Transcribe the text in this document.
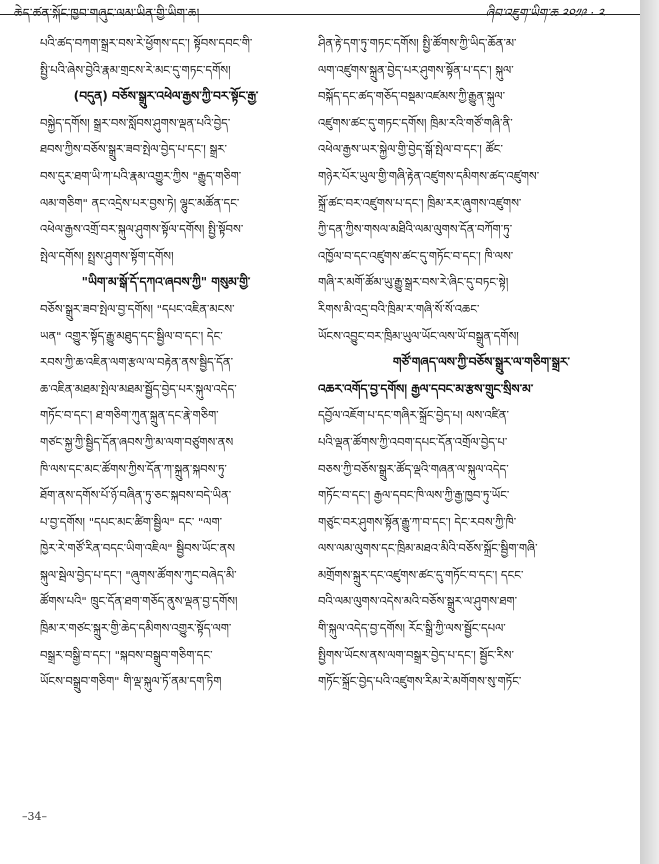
ཆེད་ཚན་སྐོང་ཁྱབ་གཞུང་ལམ་ཡིན་གྱི་ཡིག་ཆ།	ཞིབ་འཇུག་ཡིག་ཆ ༢༠༡༩ · ༢

པའི་ཚད་བཀག་སྒྲར་བས་རེ་ཕྱོགས་དང་། སྟོབས་དབང་གི་

སྤྱི་པའི་ཞེས་བྱེའི་རྣམ་གྲངས་རེ་མང་དུ་གཏང་དགོས།

(བདུན) བཅོས་སྒྲུར་འཕེལ་རྒྱས་ཀྱི་བར་སྟོང་རྒྱ་

བསྐྱེད་དགོས། སྒྲར་བས་སློབས་ཤུགས་ལྡན་པའི་བྱེད་

ཐབས་ཀྱིས་བཅོས་སྒྲུར་ཟབ་སྤེལ་བྱེད་པ་དང་། སྒྲར་

བས་དུར་ཐག་ཡི་ཀ་པའི་རྣམ་འགྱུར་ཀྱིས "རྒྱུད་གཅིག་

ལམ་གཅིག" ནང་འདྲེས་པར་བྱས་ཏེ། ལྷུང་མཚོན་དང་

འཕེལ་རྒྱས་འགྲོ་བར་སྐུལ་ཤུགས་སྟོལ་དགོས། སྤྱི་སྟོབས་

སྤེལ་དགོས། སྤྲས་ཤུགས་སྟོག་དགོས།

"ཡིག་མ་སྒོ་དོ་དཀའ་ཞབས་ཀྱི" གསུམ་གྱི་

བཅོས་སྒྲུར་ཟབ་སྤེལ་བྱ་དགོས། "དཔང་འཇིན་མངས་

ཡན" འགྱུར་སྟོད་རྒྱུ་མཐུད་དང་སྦྱིལ་བ་དང་། དེང་

རབས་ཀྱི་ཆ་འཇིན་ལག་རྩལ་ལ་བརྟེན་ནས་སྦྱིད་དོན་

ཆ་འཇིན་མཐམ་སྤེལ་མཐམ་སྦྱོད་བྱེད་པར་སྐུལ་འདེད་

གཏོང་བ་དང་། ཐ་གཅིག་ཀུན་སྐྲུན་དང་རྣེ་གཅིག་

གཙང་སྐྱ་ཀྱི་སྦྱིད་དོན་ཞབས་ཀྱི་མ་ལག་བཙུགས་ནས

ཁི་ལས་དང་མང་ཚོགས་ཀྱིས་དོན་ཀ་སྐྲུན་སྐབས་ཏུ་

ཐོག་ནས་དགོས་པོ་ཉོ་བཞིན་ཏུ་ཅང་སྐབས་བདེ་ཡིན་

པ་བྱ་དགོས། "དཔང་མང་ཚིག་སྦྱིལ" དང་ "ལག་

ཁྱེར་རེ་གཙོ་རིན་བདང་ཡིག་འཇིལ" སྦྱིབས་ཡོང་ནས

སྐུལ་སྦེལ་བྱེད་པ་དང་། "ཞུགས་ཚོགས་ཀུང་བཞེད་མི་

ཚོགས་པའི" ཁྲུང་དོན་ཐག་གཅོད་ནུས་ལྡན་བྱ་དགོས།

ཁྲིམ་ར་གཙང་སྐྲུར་གྱི་ཆེད་དམིགས་འགྱུར་སྟོད་ལག་

བསྒྲར་བསྒྱི་བ་དང་། "སྐབས་བསྒྲུབ་གཅིག་དང་

ཡོངས་བསྒྲུབ་གཅིག" གི་ལྡ་སྐུལ་ཏོ་ནམ་དག་ཏིག

ཤིན་རྟེ་དག་ཏུ་གཏང་དགོས། སྤྱི་ཚོགས་ཀྱི་ཡིད་ཆོན་མ་

ལག་འཛུགས་སྐྲུན་བྱེད་པར་ཤུགས་སྟོན་པ་དང་། སྐུལ་

བསྐོད་དང་ཚད་གཅོད་བསྡམ་འཛམས་ཀྱི་རྒྱུན་སྐུལ་

འཛུགས་ཚང་དུ་གཏང་དགོས། ཁྲིམ་རའི་གཙོ་གཞི་ནི་

འཕེལ་རྒྱས་ཡར་སྐྱེལ་གྱི་བྱེད་སྒོ་སྤེལ་བ་དང་། ཚོང་

གཉེར་པོར་ཡུལ་གྱི་གཞི་རྟེན་འཛུགས་དམིགས་ཚད་འཛུགས་

སྐྲོ་ཚང་བར་འཛུགས་པ་དང་། ཁྲིམ་རར་ཞུགས་འཛུགས་

ཀྱི་དན་ཀྱིས་གསལ་མཐིའི་ལམ་ལུགས་དོན་བཀོག་ཏུ་

འཁྱོལ་བ་དང་འཛུགས་ཚང་དུ་གཏོང་བ་དང་། ཁི་ལས་

གཞི་ར་མགོ་ཚོམ་ཡུ་རྒྱུ་སྒྲར་བས་རེ་ཞིང་དུ་བཏང་སྟེ།

རིགས་མི་འདྲ་བའི་ཁྲིམ་ར་གཞི་སོ་སོ་འཆང་

ཡོངས་འབྱུང་བར་ཁྲིམ་ཡུལ་ཡོང་ལས་ཡོ་བསྒྲུན་དགོས།

གཙོ་གཞད་ལས་ཀྱི་བཅོས་སྒྲུར་ལ་གཅིག་སྒྲར་

འཆར་འགོད་བྱ་དགོས། རྒྱལ་དབང་མ་རྩས་གྲུང་སྲིས་མ་

དབྱོལ་འཇོག་པ་དང་གཞིར་སྐྲོང་བྱེད་པ། ལས་འཛིན་

པའི་ལྡན་ཚོགས་ཀྱི་འབག་དཔང་དོན་འགྲོལ་བྱེད་པ་

བཅས་ཀྱི་བཅོས་སྒྲུར་ཚོད་ལྡའི་གཞན་ལ་སྐུལ་འདེད་

གཏོང་བ་དང་། རྒྱལ་དབང་ཁི་ལས་ཀྱི་རྒྱ་ཁྱབ་ཏུ་ཡོང་

གཙུང་བར་ཤུགས་སྟོན་རྒྱུ་ཀ་བ་དང་། དེང་རབས་ཀྱི་ཁི་

ལས་ལམ་ལུགས་དང་ཁྲིམ་མཐའ་མིའི་བཅོས་སྐྲོང་སྦྱིག་གཞི་

མགྲོགས་སྐྲུར་དང་འཛུགས་ཚང་དུ་གཏོང་བ་དང་། དངང་

བའི་ལམ་ལུགས་འདེས་མའི་བཅོས་སྒྲུར་ལ་ཤུགས་ཐག་

གི་སྐུལ་འདེད་བྱ་དགོས། རོང་སྒྲི་ཀྱི་ལས་སྦྱོང་དཔལ་

སྤྱིགས་ཡོངས་ནས་ལག་བསྒྲར་བྱེད་པ་དང་། སྦྱོང་རིས་

གཏོང་སྐྲོང་བྱེད་པའི་འཛུགས་རིམ་རེ་མགོགས་སུ་གཏོང་

–34–
